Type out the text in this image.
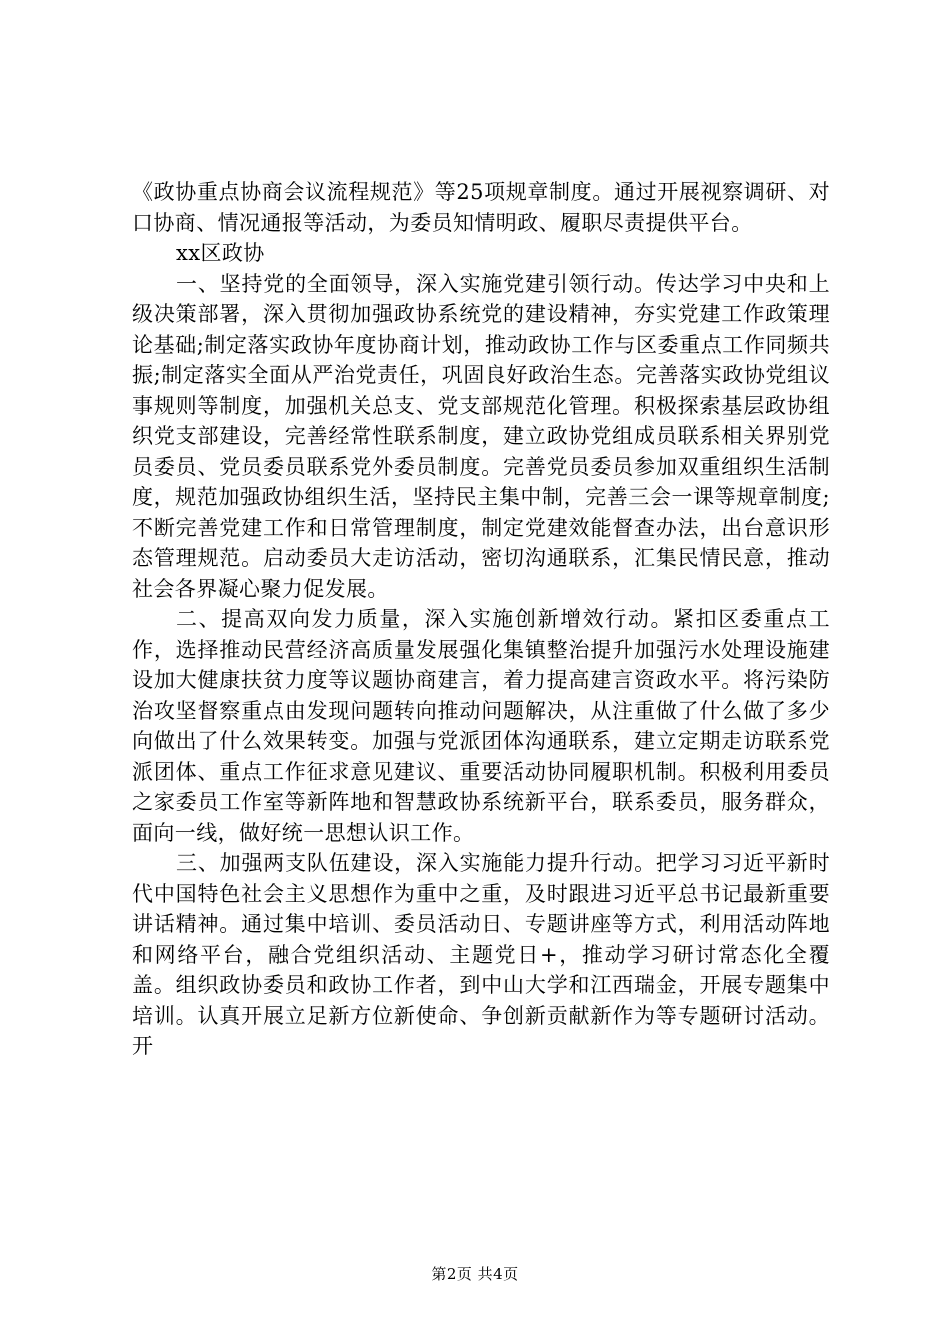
《政协重点协商会议流程规范》等25项规章制度。通过开展视察调研、对口协商、情况通报等活动，为委员知情明政、履职尽责提供平台。

xx区政协

一、坚持党的全面领导，深入实施党建引领行动。传达学习中央和上级决策部署，深入贯彻加强政协系统党的建设精神，夯实党建工作政策理论基础;制定落实政协年度协商计划，推动政协工作与区委重点工作同频共振;制定落实全面从严治党责任，巩固良好政治生态。完善落实政协党组议事规则等制度，加强机关总支、党支部规范化管理。积极探索基层政协组织党支部建设，完善经常性联系制度，建立政协党组成员联系相关界别党员委员、党员委员联系党外委员制度。完善党员委员参加双重组织生活制度，规范加强政协组织生活，坚持民主集中制，完善三会一课等规章制度;不断完善党建工作和日常管理制度，制定党建效能督查办法，出台意识形态管理规范。启动委员大走访活动，密切沟通联系，汇集民情民意，推动社会各界凝心聚力促发展。

二、提高双向发力质量，深入实施创新增效行动。紧扣区委重点工作，选择推动民营经济高质量发展强化集镇整治提升加强污水处理设施建设加大健康扶贫力度等议题协商建言，着力提高建言资政水平。将污染防治攻坚督察重点由发现问题转向推动问题解决，从注重做了什么做了多少向做出了什么效果转变。加强与党派团体沟通联系，建立定期走访联系党派团体、重点工作征求意见建议、重要活动协同履职机制。积极利用委员之家委员工作室等新阵地和智慧政协系统新平台，联系委员，服务群众，面向一线，做好统一思想认识工作。

三、加强两支队伍建设，深入实施能力提升行动。把学习习近平新时代中国特色社会主义思想作为重中之重，及时跟进习近平总书记最新重要讲话精神。通过集中培训、委员活动日、专题讲座等方式，利用活动阵地和网络平台，融合党组织活动、主题党日+，推动学习研讨常态化全覆盖。组织政协委员和政协工作者，到中山大学和江西瑞金，开展专题集中培训。认真开展立足新方位新使命、争创新贡献新作为等专题研讨活动。开

第2页 共4页
